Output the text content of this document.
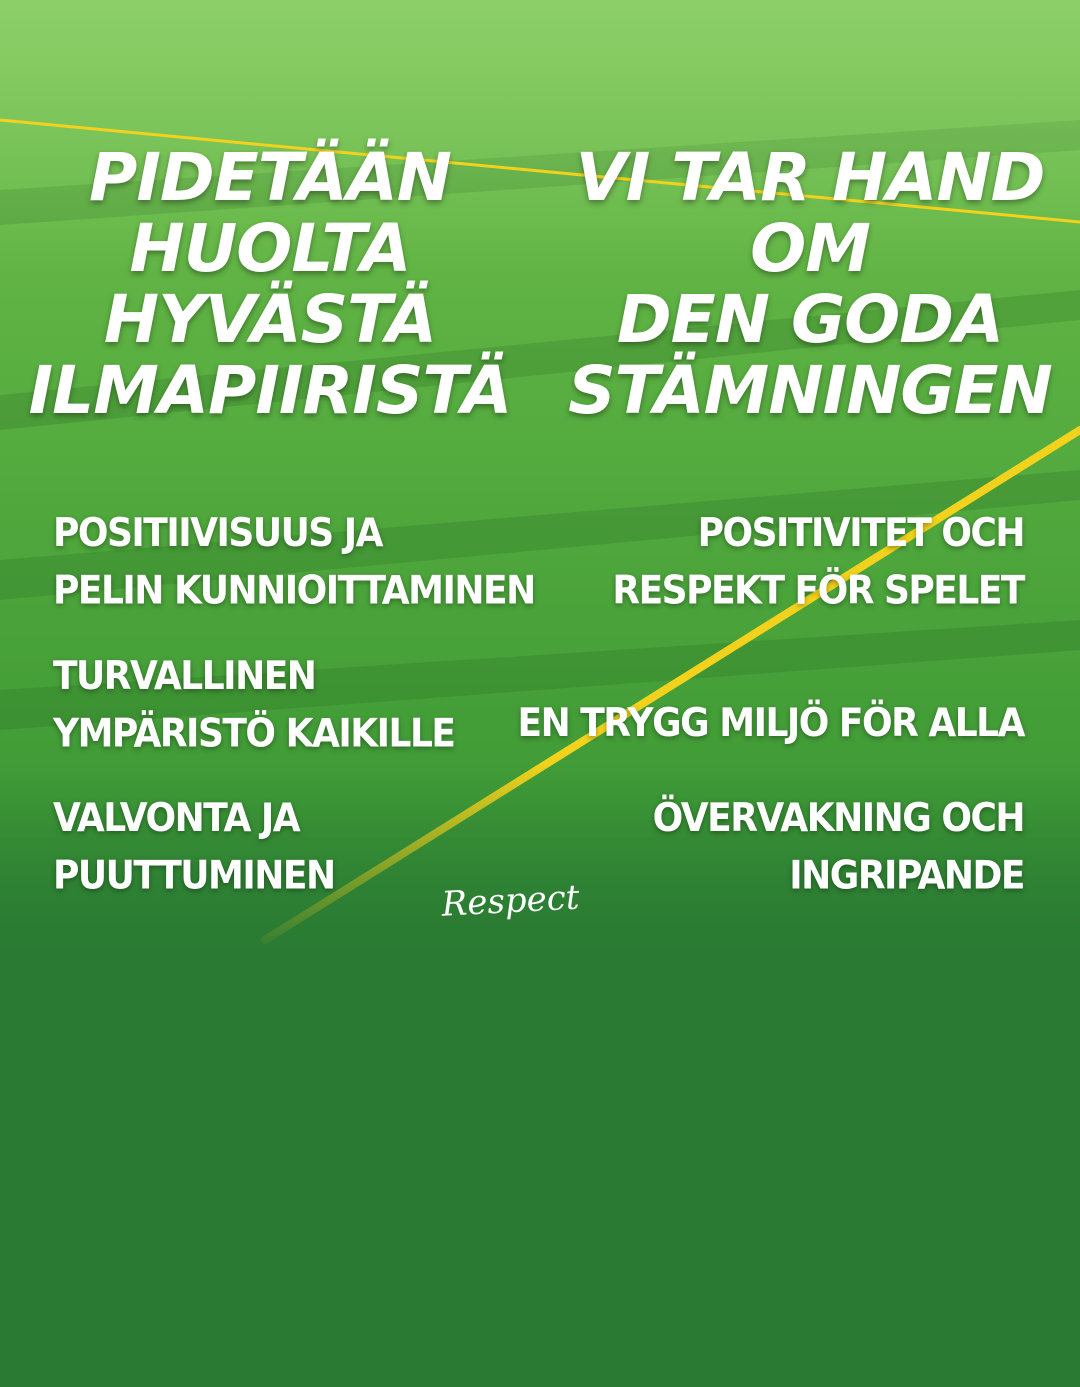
PIDETÄÄN
HUOLTA
HYVÄSTÄ
ILMAPIIRISTÄ
VI TAR HAND
OM
DEN GODA
STÄMNINGEN
POSITIIVISUUS JA
PELIN KUNNIOITTAMINEN
TURVALLINEN
YMPÄRISTÖ KAIKILLE
VALVONTA JA
PUUTTUMINEN
POSITIVITET OCH
RESPEKT FÖR SPELET
EN TRYGG MILJÖ FÖR ALLA
ÖVERVAKNING OCH
INGRIPANDE
Respect
